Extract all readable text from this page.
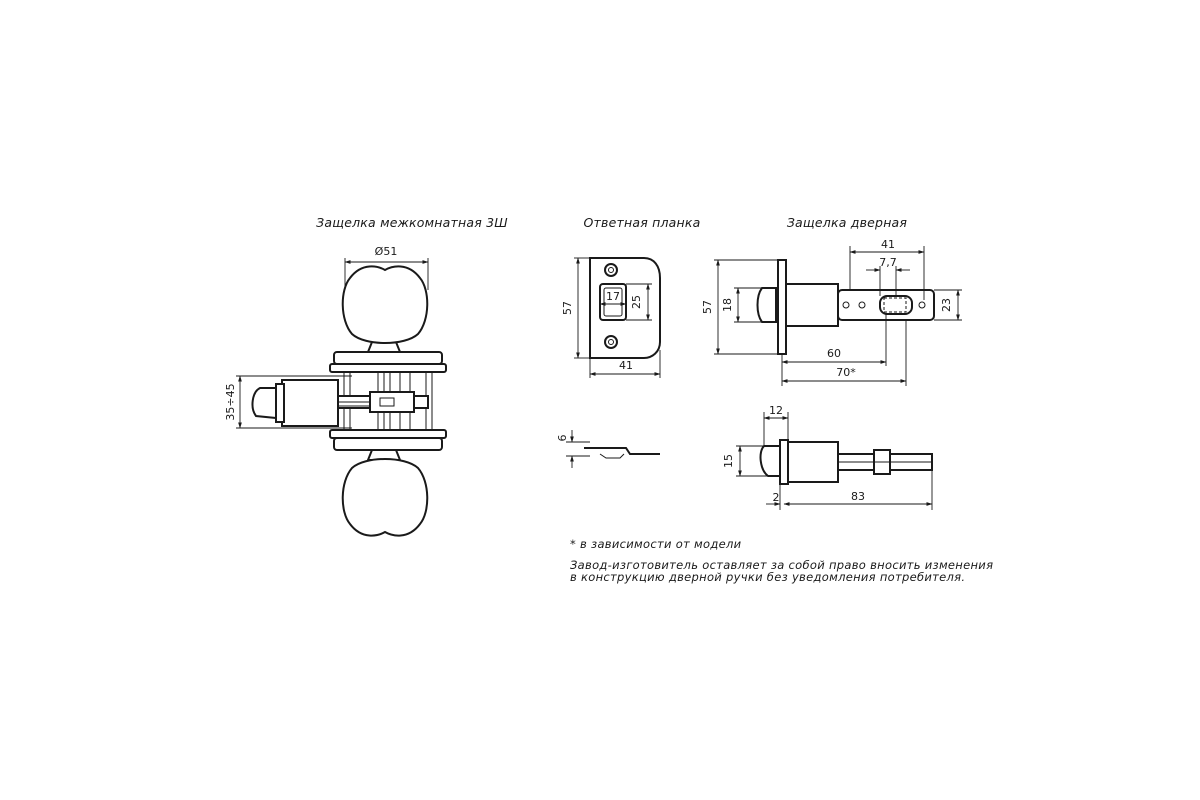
Защелка межкомнатная 3Ш	Ответная планка	Защелка дверная
Ø51
35÷45
57
17 25
41
6
41
7,7
57 18	23
60
70*
12
15
2	83
* в зависимости от модели
Завод-изготовитель оставляет за собой право вносить изменения
в конструкцию дверной ручки без уведомления потребителя.
